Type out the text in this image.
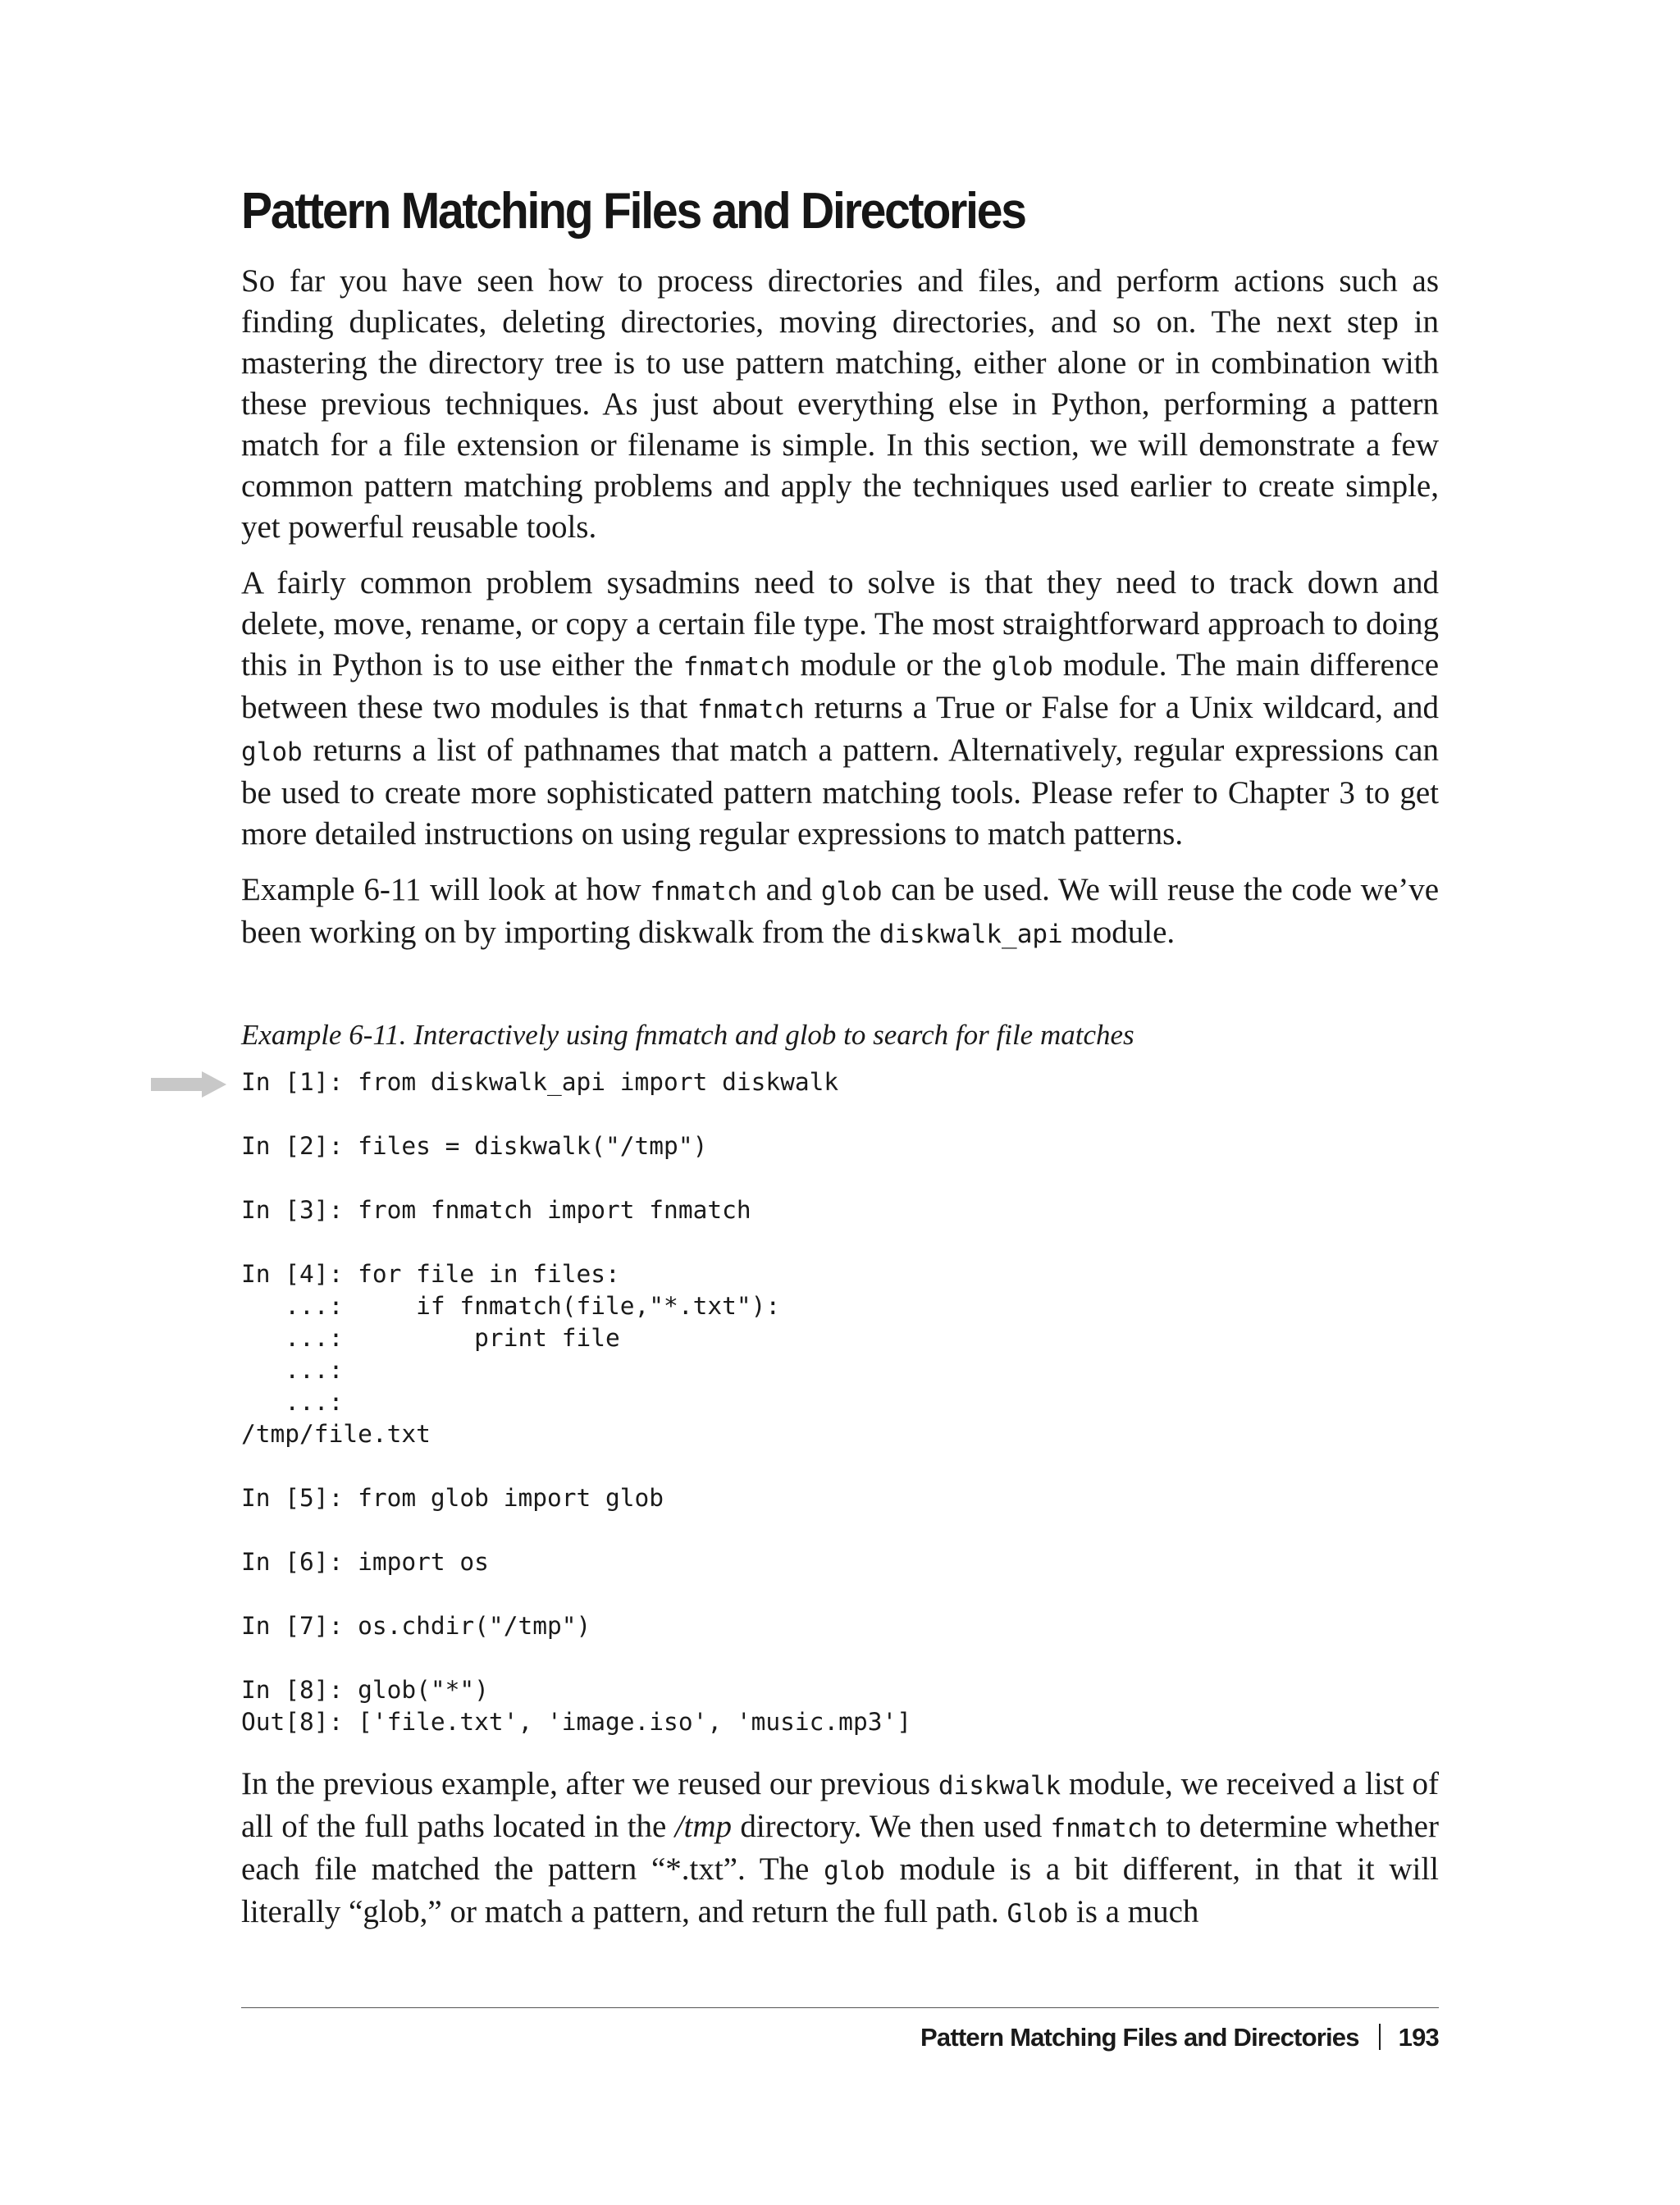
Pattern Matching Files and Directories

So far you have seen how to process directories and files, and perform actions such as finding duplicates, deleting directories, moving directories, and so on. The next step in mastering the directory tree is to use pattern matching, either alone or in combination with these previous techniques. As just about everything else in Python, performing a pattern match for a file extension or filename is simple. In this section, we will demonstrate a few common pattern matching problems and apply the techniques used earlier to create simple, yet powerful reusable tools.

A fairly common problem sysadmins need to solve is that they need to track down and delete, move, rename, or copy a certain file type. The most straightforward approach to doing this in Python is to use either the fnmatch module or the glob module. The main difference between these two modules is that fnmatch returns a True or False for a Unix wildcard, and glob returns a list of pathnames that match a pattern. Alternatively, regular expressions can be used to create more sophisticated pattern matching tools. Please refer to Chapter 3 to get more detailed instructions on using regular expressions to match patterns.

Example 6-11 will look at how fnmatch and glob can be used. We will reuse the code we’ve been working on by importing diskwalk from the diskwalk_api module.

Example 6-11. Interactively using fnmatch and glob to search for file matches
In [1]: from diskwalk_api import diskwalk

In [2]: files = diskwalk("/tmp")

In [3]: from fnmatch import fnmatch

In [4]: for file in files:
...:     if fnmatch(file,"*.txt"):
...:         print file
...:
...:
/tmp/file.txt

In [5]: from glob import glob

In [6]: import os

In [7]: os.chdir("/tmp")

In [8]: glob("*")
Out[8]: ['file.txt', 'image.iso', 'music.mp3']

In the previous example, after we reused our previous diskwalk module, we received a list of all of the full paths located in the /tmp directory. We then used fnmatch to determine whether each file matched the pattern “*.txt”. The glob module is a bit different, in that it will literally “glob,” or match a pattern, and return the full path. Glob is a much

Pattern Matching Files and Directories 193
